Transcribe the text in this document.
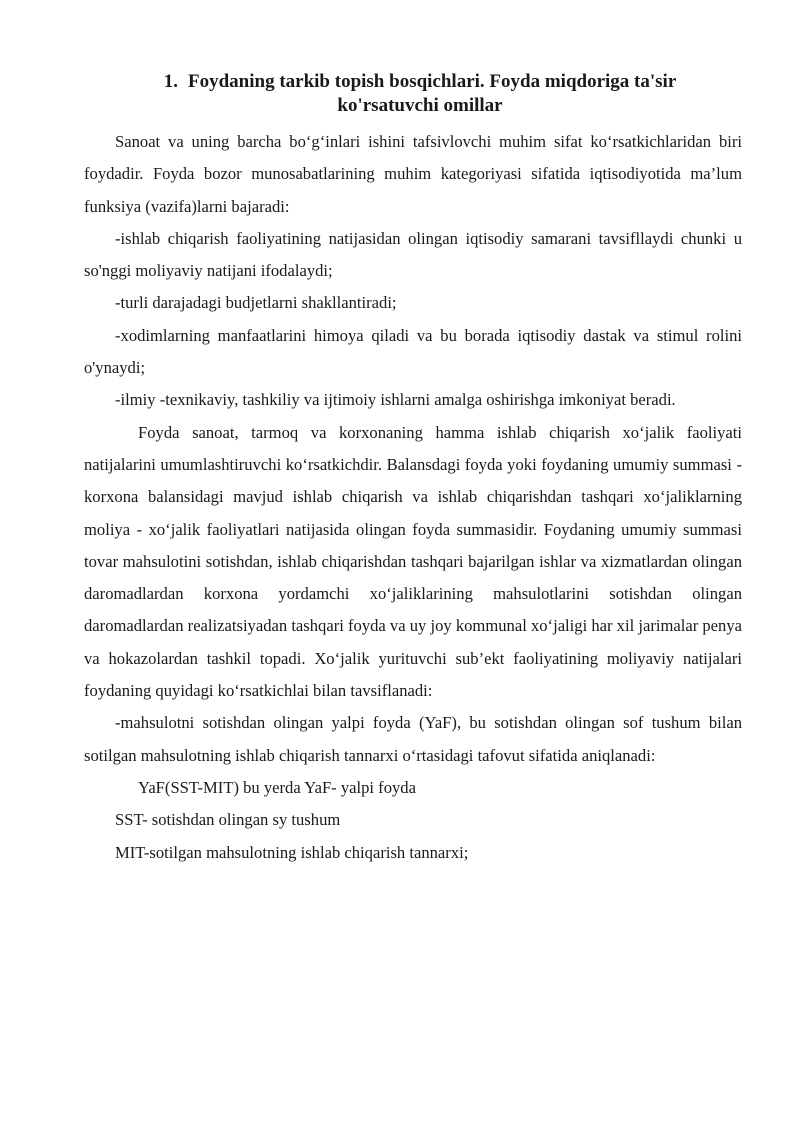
1. Foydaning tarkib topish bosqichlari. Foyda miqdoriga ta'sir
ko'rsatuvchi omillar

Sanoat va uning barcha bo‘g‘inlari ishini tafsivlovchi muhim sifat ko‘rsatkichlaridan biri foydadir. Foyda bozor munosabatlarining muhim kategoriyasi sifatida iqtisodiyotida ma’lum funksiya (vazifa)larni bajaradi:

-ishlab chiqarish faoliyatining natijasidan olingan iqtisodiy samarani tavsifllaydi chunki u so'nggi moliyaviy natijani ifodalaydi;

-turli darajadagi budjetlarni shakllantiradi;

-xodimlarning manfaatlarini himoya qiladi va bu borada iqtisodiy dastak va stimul rolini o'ynaydi;

-ilmiy -texnikaviy, tashkiliy va ijtimoiy ishlarni amalga oshirishga imkoniyat beradi.

Foyda sanoat, tarmoq va korxonaning hamma ishlab chiqarish xo‘jalik faoliyati natijalarini umumlashtiruvchi ko‘rsatkichdir. Balansdagi foyda yoki foydaning umumiy summasi -korxona balansidagi mavjud ishlab chiqarish va ishlab chiqarishdan tashqari xo‘jaliklarning moliya - xo‘jalik faoliyatlari natijasida olingan foyda summasidir. Foydaning umumiy summasi tovar mahsulotini sotishdan, ishlab chiqarishdan tashqari bajarilgan ishlar va xizmatlardan olingan daromadlardan korxona yordamchi xo‘jaliklarining mahsulotlarini sotishdan olingan daromadlardan realizatsiyadan tashqari foyda va uy joy kommunal xo‘jaligi har xil jarimalar penya va hokazolardan tashkil topadi. Xo‘jalik yurituvchi sub’ekt faoliyatining moliyaviy natijalari foydaning quyidagi ko‘rsatkichlai bilan tavsiflanadi:

-mahsulotni sotishdan olingan yalpi foyda (YaF), bu sotishdan olingan sof tushum bilan sotilgan mahsulotning ishlab chiqarish tannarxi o‘rtasidagi tafovut sifatida aniqlanadi:

YaF(SST-MIT) bu yerda YaF- yalpi foyda

SST- sotishdan olingan sy tushum

MIT-sotilgan mahsulotning ishlab chiqarish tannarxi;
